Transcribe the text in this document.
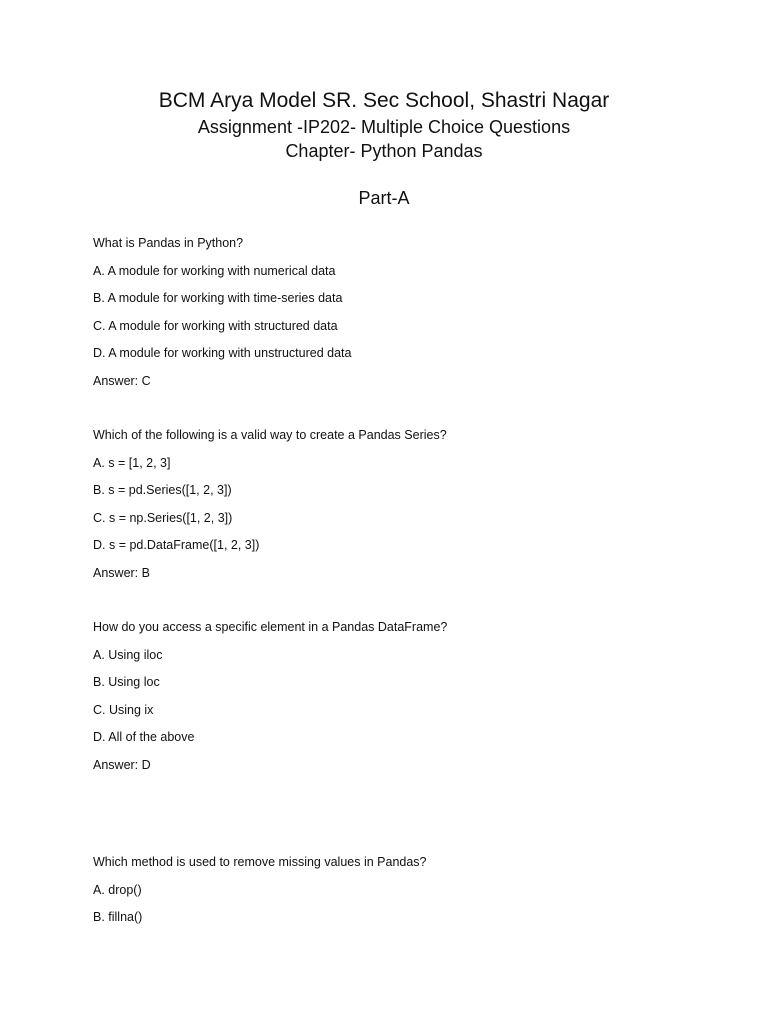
BCM Arya Model SR. Sec School, Shastri Nagar
Assignment -IP202- Multiple Choice Questions
Chapter- Python Pandas
Part-A
What is Pandas in Python?
A. A module for working with numerical data
B. A module for working with time-series data
C. A module for working with structured data
D. A module for working with unstructured data
Answer: C
Which of the following is a valid way to create a Pandas Series?
A. s = [1, 2, 3]
B. s = pd.Series([1, 2, 3])
C. s = np.Series([1, 2, 3])
D. s = pd.DataFrame([1, 2, 3])
Answer: B
How do you access a specific element in a Pandas DataFrame?
A. Using iloc
B. Using loc
C. Using ix
D. All of the above
Answer: D
Which method is used to remove missing values in Pandas?
A. drop()
B. fillna()
